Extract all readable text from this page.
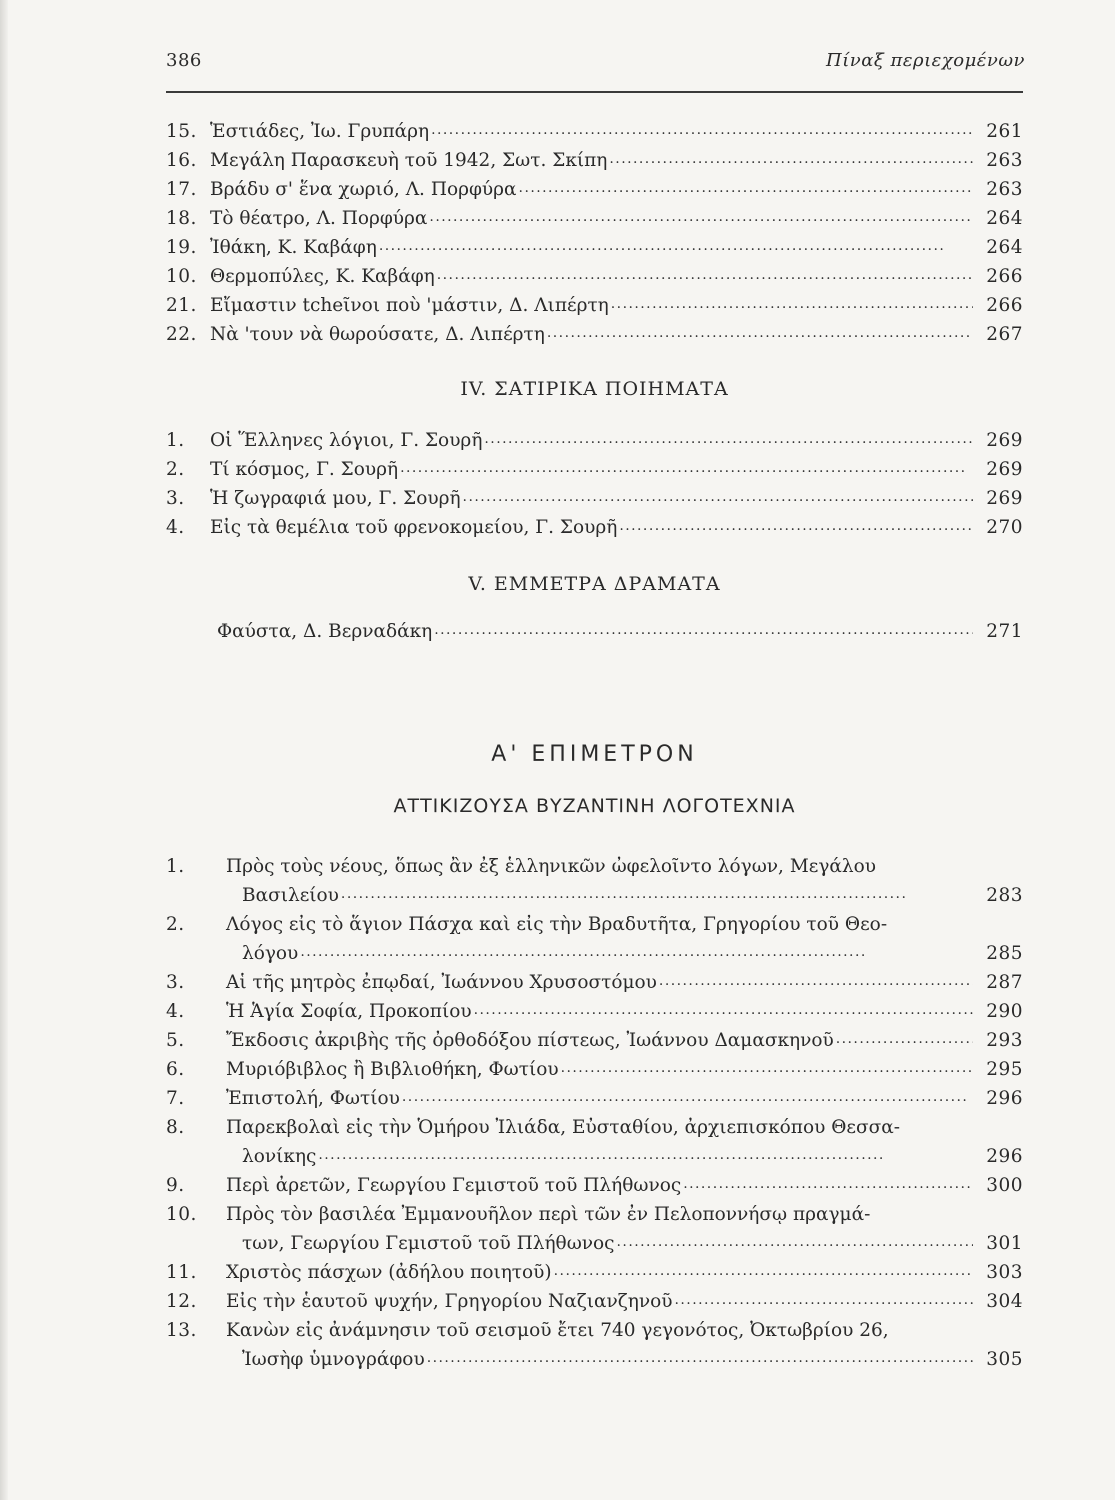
386	Πίναξ περιεχομένων
15. Ἑστιάδες, Ἰω. Γρυπάρη . . .	261
16. Μεγάλη Παρασκευὴ τοῦ 1942, Σωτ. Σκίπη . . .	263
17. Βράδυ σ' ἕνα χωριό, Λ. Πορφύρα . . .	263
18. Τὸ θέατρο, Λ. Πορφύρα . . .	264
19. Ἰθάκη, Κ. Καβάφη . . .	264
10. Θερμοπύλες, Κ. Καβάφη . . .	266
21. Εἴμαστιν tcheῖνοι ποὺ 'μάστιν, Δ. Λιπέρτη . . .	266
22. Νὰ 'τουν νὰ θωρούσατε, Δ. Λιπέρτη . . .	267
IV. ΣΑΤΙΡΙΚΑ ΠΟΙΗΜΑΤΑ
1.	Οἱ Ἕλληνες λόγιοι, Γ. Σουρῆ . . .	269
2.	Τί κόσμος, Γ. Σουρῆ . . .	269
3.	Ἡ ζωγραφιά μου, Γ. Σουρῆ . . .	269
4.	Εἰς τὰ θεμέλια τοῦ φρενοκομείου, Γ. Σουρῆ . . .	270
V. ΕΜΜΕΤΡΑ ΔΡΑΜΑΤΑ
Φαύστα, Δ. Βερναδάκη . . .	271
Α' ΕΠΙΜΕΤΡΟΝ
ΑΤΤΙΚΙΖΟΥΣΑ ΒΥΖΑΝΤΙΝΗ ΛΟΓΟΤΕΧΝΙΑ
1.	Πρὸς τοὺς νέους, ὅπως ἂν ἐξ ἑλληνικῶν ὠφελοῖντο λόγων, Μεγάλου
Βασιλείου . . .	283
2.	Λόγος εἰς τὸ ἅγιον Πάσχα καὶ εἰς τὴν Βραδυτῆτα, Γρηγορίου τοῦ Θεο-
λόγου . . .	285
3.	Αἱ τῆς μητρὸς ἐπῳδαί, Ἰωάννου Χρυσοστόμου . . .	287
4.	Ἡ Ἁγία Σοφία, Προκοπίου . . .	290
5.	Ἔκδοσις ἀκριβὴς τῆς ὀρθοδόξου πίστεως, Ἰωάννου Δαμασκηνοῦ . . .	293
6.	Μυριόβιβλος ἢ Βιβλιοθήκη, Φωτίου . . .	295
7.	Ἐπιστολή, Φωτίου . . .	296
8.	Παρεκβολαὶ εἰς τὴν Ὁμήρου Ἰλιάδα, Εὐσταθίου, ἀρχιεπισκόπου Θεσσα-
λονίκης . . .	296
9.	Περὶ ἀρετῶν, Γεωργίου Γεμιστοῦ τοῦ Πλήθωνος . . .	300
10.	Πρὸς τὸν βασιλέα Ἐμμανουῆλον περὶ τῶν ἐν Πελοποννήσῳ πραγμά-
των, Γεωργίου Γεμιστοῦ τοῦ Πλήθωνος . . .	301
11.	Χριστὸς πάσχων (ἀδήλου ποιητοῦ) . . .	303
12.	Εἰς τὴν ἑαυτοῦ ψυχήν, Γρηγορίου Ναζιανζηνοῦ . . .	304
13.	Κανὼν εἰς ἀνάμνησιν τοῦ σεισμοῦ ἔτει 740 γεγονότος, Ὀκτωβρίου 26,
Ἰωσὴφ ὑμνογράφου . . .	305
